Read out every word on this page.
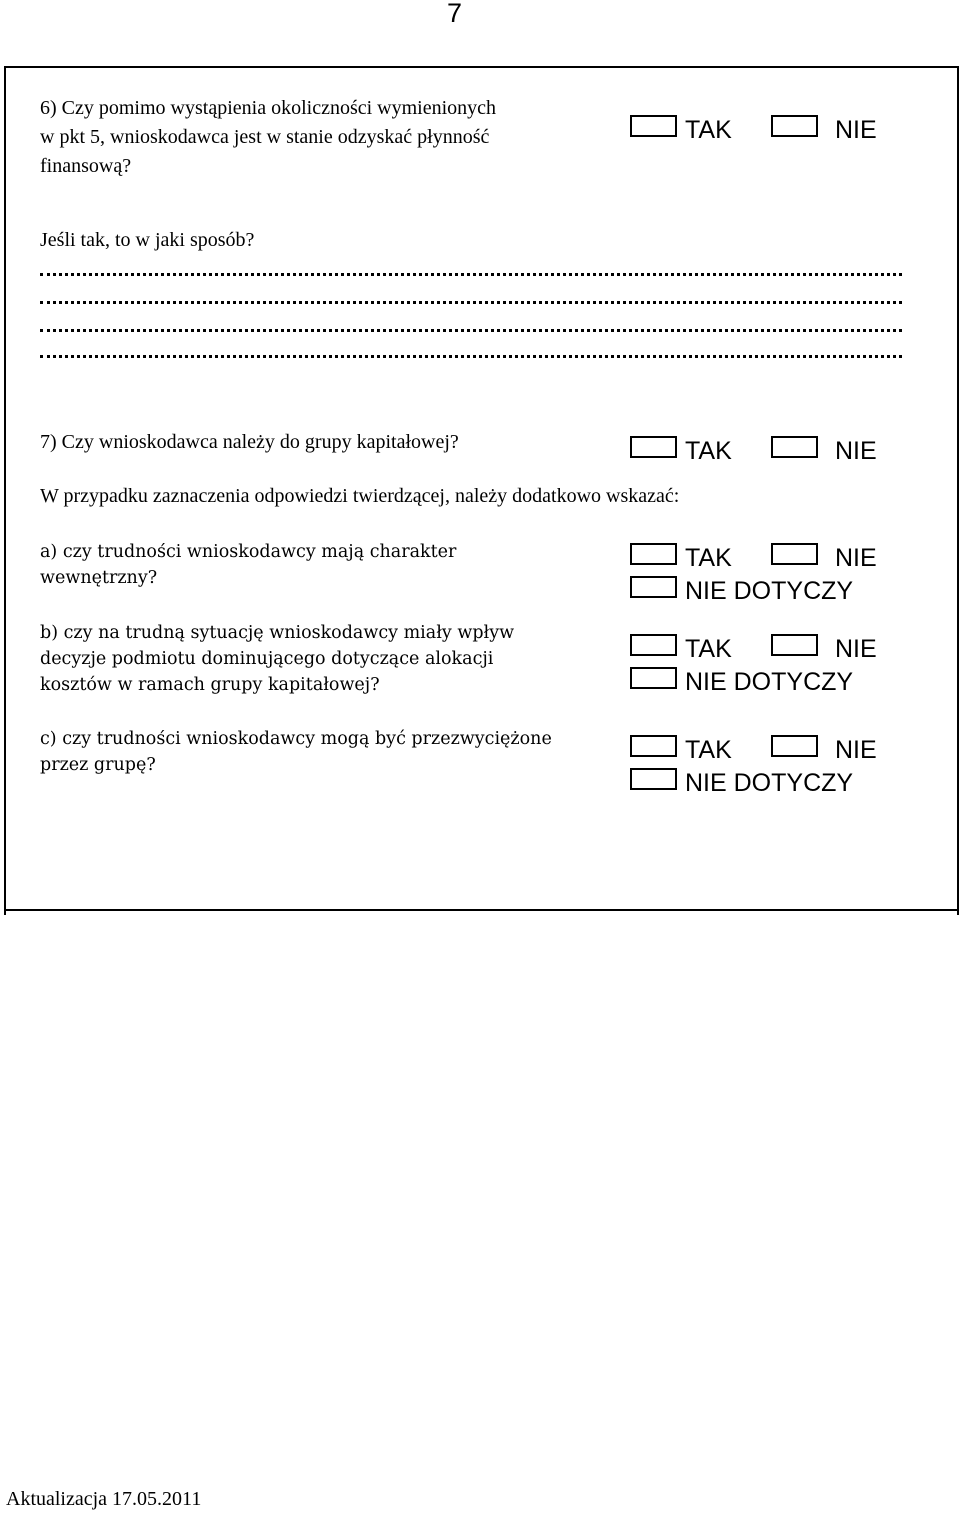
7
6) Czy pomimo wystąpienia okoliczności wymienionych
w pkt 5, wnioskodawca jest w stanie odzyskać płynność
finansową?
TAK	NIE
Jeśli tak, to w jaki sposób?
7) Czy wnioskodawca należy do grupy kapitałowej?	TAK	NIE
W przypadku zaznaczenia odpowiedzi twierdzącej, należy dodatkowo wskazać:
a) czy trudności wnioskodawcy mają charakter
wewnętrzny?
TAK	NIE
NIE DOTYCZY
b) czy na trudną sytuację wnioskodawcy miały wpływ
decyzje podmiotu dominującego dotyczące alokacji
kosztów w ramach grupy kapitałowej?
TAK	NIE
NIE DOTYCZY
c) czy trudności wnioskodawcy mogą być przezwyciężone
przez grupę?
TAK	NIE
NIE DOTYCZY
Aktualizacja 17.05.2011
